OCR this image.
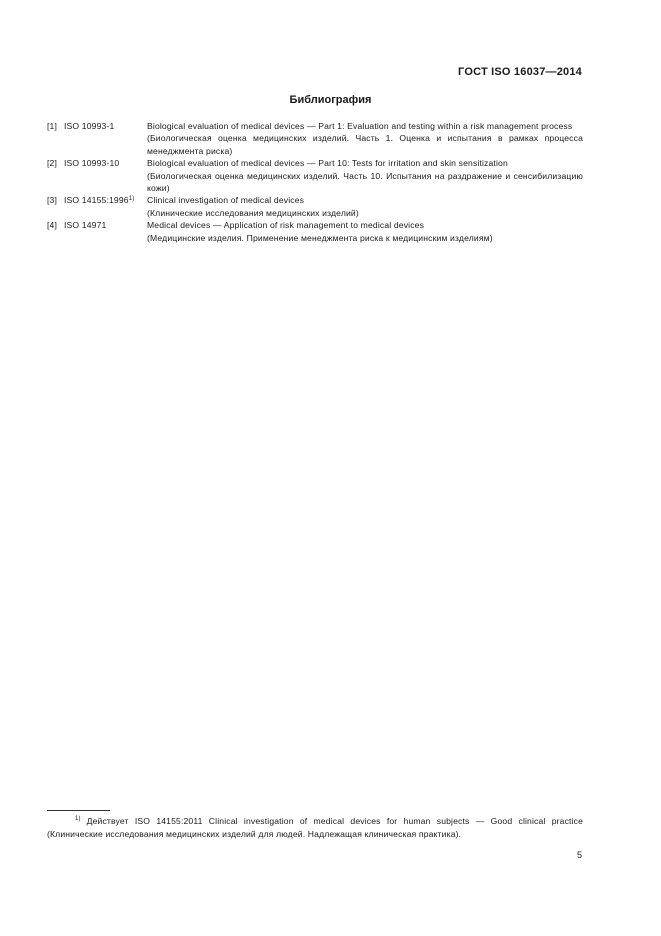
ГОСТ ISO 16037—2014
Библиография
[1] ISO 10993-1	Biological evaluation of medical devices — Part 1: Evaluation and testing within a risk management process
(Биологическая оценка медицинских изделий. Часть 1. Оценка и испытания в рамках процесса менеджмента риска)
[2] ISO 10993-10	Biological evaluation of medical devices — Part 10: Tests for irritation and skin sensitization
(Биологическая оценка медицинских изделий. Часть 10. Испытания на раздражение и сенсибилизацию кожи)
[3] ISO 14155:1996$^{1)}$	Clinical investigation of medical devices
(Клинические исследования медицинских изделий)
[4] ISO 14971	Medical devices — Application of risk management to medical devices
(Медицинские изделия. Применение менеджмента риска к медицинским изделиям)
$^{1)}$ Действует ISO 14155:2011 Clinical investigation of medical devices for human subjects — Good clinical practice (Клинические исследования медицинских изделий для людей. Надлежащая клиническая практика).
5
